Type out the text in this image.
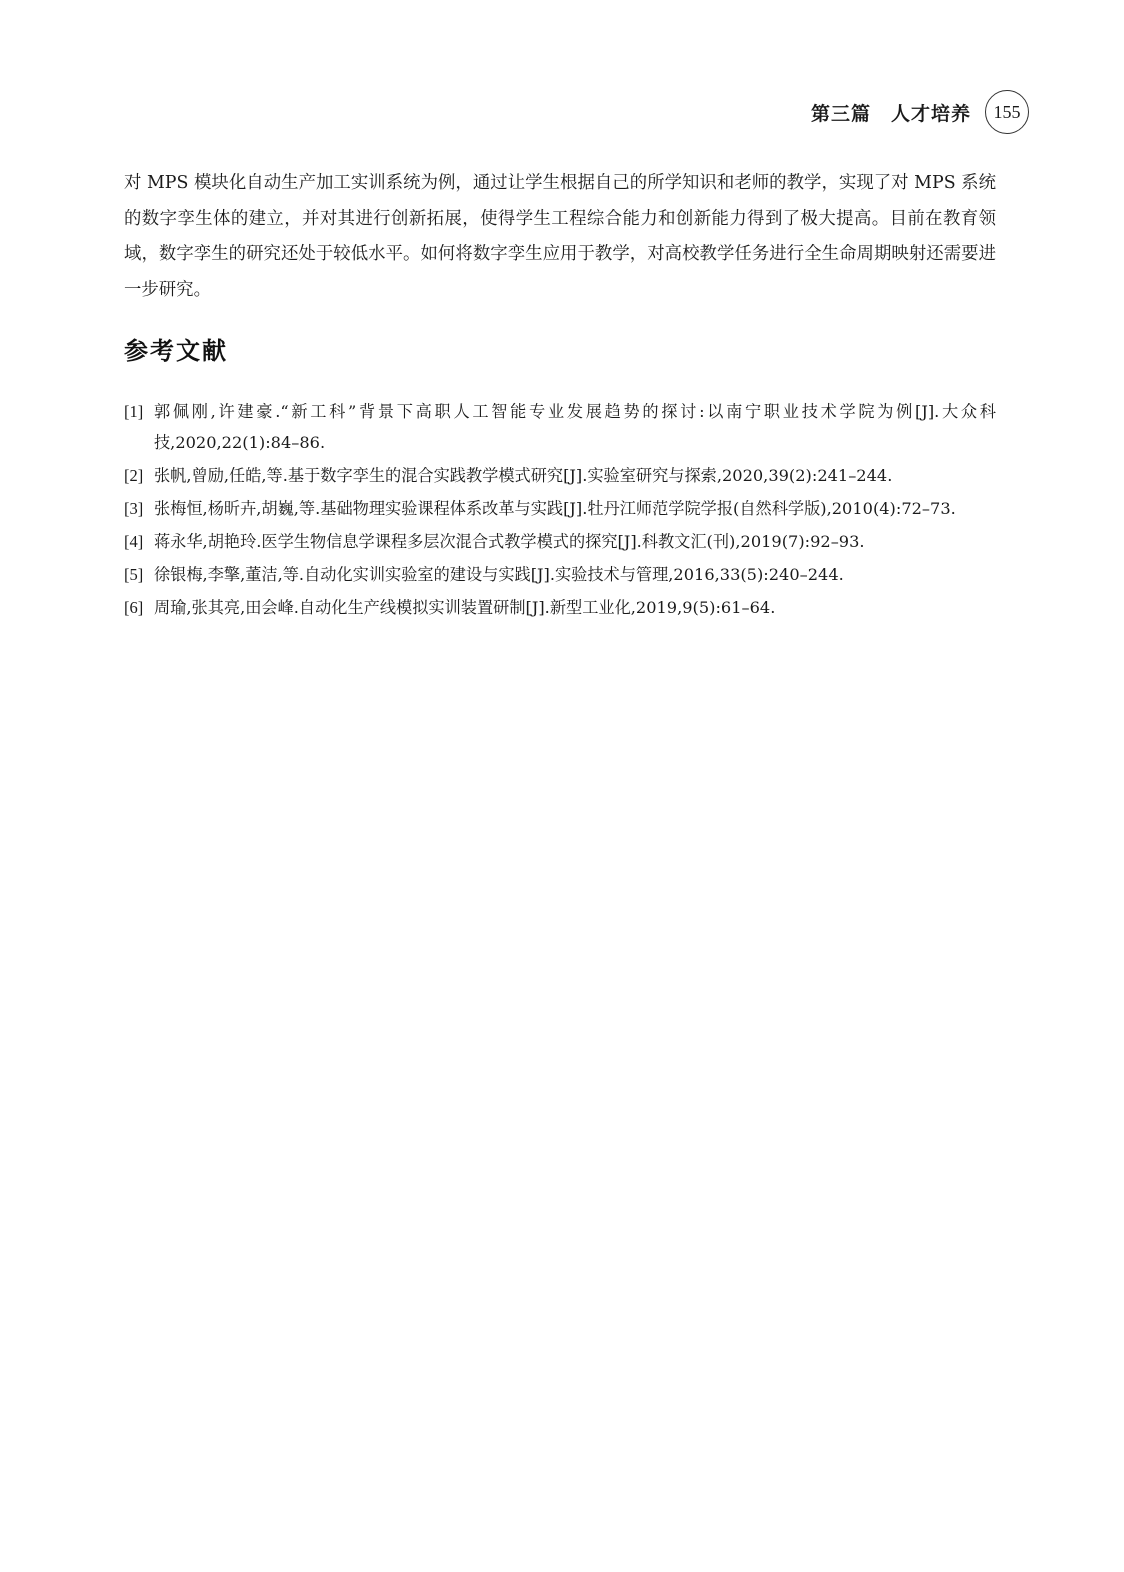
第三篇　人才培养	155

对 MPS 模块化自动生产加工实训系统为例，通过让学生根据自己的所学知识和老师的教学，实现了对 MPS 系统的数字孪生体的建立，并对其进行创新拓展，使得学生工程综合能力和创新能力得到了极大提高。目前在教育领域，数字孪生的研究还处于较低水平。如何将数字孪生应用于教学，对高校教学任务进行全生命周期映射还需要进一步研究。

参考文献
[1] 郭佩刚,许建豪.“新工科”背景下高职人工智能专业发展趋势的探讨:以南宁职业技术学院为例[J].大众科技,2020,22(1):84–86.
[2] 张帆,曾励,任皓,等.基于数字孪生的混合实践教学模式研究[J].实验室研究与探索,2020,39(2):241–244.
[3] 张梅恒,杨昕卉,胡巍,等.基础物理实验课程体系改革与实践[J].牡丹江师范学院学报(自然科学版),2010(4):72–73.
[4] 蒋永华,胡艳玲.医学生物信息学课程多层次混合式教学模式的探究[J].科教文汇(刊),2019(7):92–93.
[5] 徐银梅,李擎,董洁,等.自动化实训实验室的建设与实践[J].实验技术与管理,2016,33(5):240–244.
[6] 周瑜,张其亮,田会峰.自动化生产线模拟实训装置研制[J].新型工业化,2019,9(5):61–64.
